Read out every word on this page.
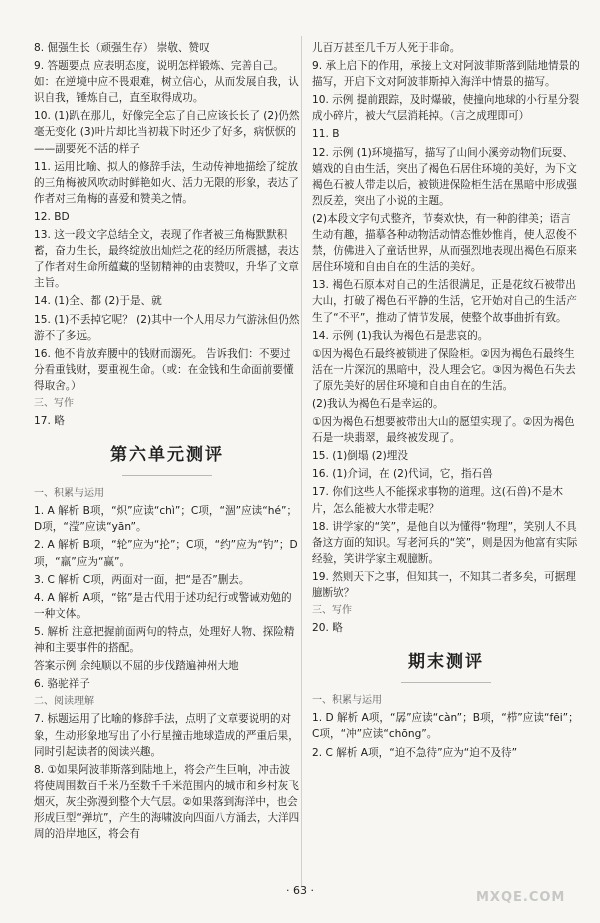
8. 倔强生长（顽强生存） 崇敬、赞叹

9. 答题要点 应表明态度，说明怎样锻炼、完善自己。如：在逆境中应不畏艰难，树立信心，从而发展自我，认识自我，锤炼自己，直至取得成功。

10. (1)趴在那儿，好像完全忘了自己应该长长了 (2)仍然毫无变化 (3)叶片却比当初栽下时还少了好多，病恹恹的——副要死不活的样子

11. 运用比喻、拟人的修辞手法，生动传神地描绘了绽放的三角梅被风吹动时鲜艳如火、活力无限的形象，表达了作者对三角梅的喜爱和赞美之情。

12. BD

13. 这一段文字总结全文，表现了作者被三角梅默默积蓄，奋力生长，最终绽放出灿烂之花的经历所震撼，表达了作者对生命所蕴藏的坚韧精神的由衷赞叹，升华了文章主旨。

14. (1)全、都 (2)于是、就

15. (1)不丢掉它呢？ (2)其中一个人用尽力气游泳但仍然游不了多远。

16. 他不肯放弃腰中的钱财而溺死。 告诉我们：不要过分看重钱财，要重视生命。（或：在金钱和生命面前要懂得取舍。）

三、写作

17. 略

第六单元测评

一、积累与运用

1. A 解析 B项，“炽”应读“chì”；C项，“涸”应读“hé”；D项，“滢”应读“yān”。

2. A 解析 B项，“轮”应为“抡”；C项，“约”应为“钓”；D项，“羸”应为“赢”。

3. C 解析 C项，两面对一面，把“是否”删去。

4. A 解析 A项，“铭”是古代用于述功纪行或警诫劝勉的一种文体。

5. 解析 注意把握前面两句的特点，处理好人物、探险精神和主要事件的搭配。

答案示例 余纯顺以不屈的步伐踏遍神州大地

6. 骆驼祥子

二、阅读理解

7. 标题运用了比喻的修辞手法，点明了文章要说明的对象，生动形象地写出了小行星撞击地球造成的严重后果，同时引起读者的阅读兴趣。

8. ①如果阿波菲斯落到陆地上，将会产生巨响，冲击波将使周围数百千米乃至数千千米范围内的城市和乡村灰飞烟灭，灰尘弥漫到整个大气层。②如果落到海洋中，也会形成巨型“弹坑”，产生的海啸波向四面八方涌去，大洋四周的沿岸地区，将会有

儿百万甚至几千万人死于非命。

9. 承上启下的作用，承接上文对阿波菲斯落到陆地情景的描写，开启下文对阿波菲斯掉入海洋中情景的描写。

10. 示例 提前跟踪，及时爆破，使撞向地球的小行星分裂成小碎片，被大气层消耗掉。（言之成理即可）

11. B

12. 示例 (1)环境描写，描写了山间小溪旁动物们玩耍、嬉戏的自由生活，突出了褐色石居住环境的美好，为下文褐色石被人带走以后，被锁进保险柜生活在黑暗中形成强烈反差，突出了小说的主题。

(2)本段文字句式整齐，节奏欢快，有一种韵律美；语言生动有趣，描摹各种动物活动情态惟妙惟肖，使人忍俊不禁，仿佛进入了童话世界，从而强烈地表现出褐色石原来居住环境和自由自在的生活的美好。

13. 褐色石原本对自己的生活很满足，正是花纹石被带出大山，打破了褐色石平静的生活，它开始对自己的生活产生了“不平”，推动了情节发展，使整个故事曲折有致。

14. 示例 (1)我认为褐色石是悲哀的。

①因为褐色石最终被锁进了保险柜。②因为褐色石最终生活在一片深沉的黑暗中，没人理会它。③因为褐色石失去了原先美好的居住环境和自由自在的生活。

(2)我认为褐色石是幸运的。

①因为褐色石想要被带出大山的愿望实现了。②因为褐色石是一块翡翠，最终被发现了。

15. (1)倒塌 (2)埋没

16. (1)介词，在 (2)代词，它，指石兽

17. 你们这些人不能探求事物的道理。这(石兽)不是木片，怎么能被大水带走呢？

18. 讲学家的“笑”，是他自以为懂得“物理”，笑别人不具备这方面的知识。写老河兵的“笑”，则是因为他富有实际经验，笑讲学家主观臆断。

19. 然则天下之事，但知其一，不知其二者多矣，可据理臆断欤？

三、写作

20. 略

期末测评

一、积累与运用

1. D 解析 A项，“孱”应读“càn”；B项，“栉”应读“fēi”；C项，“冲”应读“chōng”。

2. C 解析 A项，“迫不急待”应为“迫不及待”

· 63 ·	MXQE.COM
